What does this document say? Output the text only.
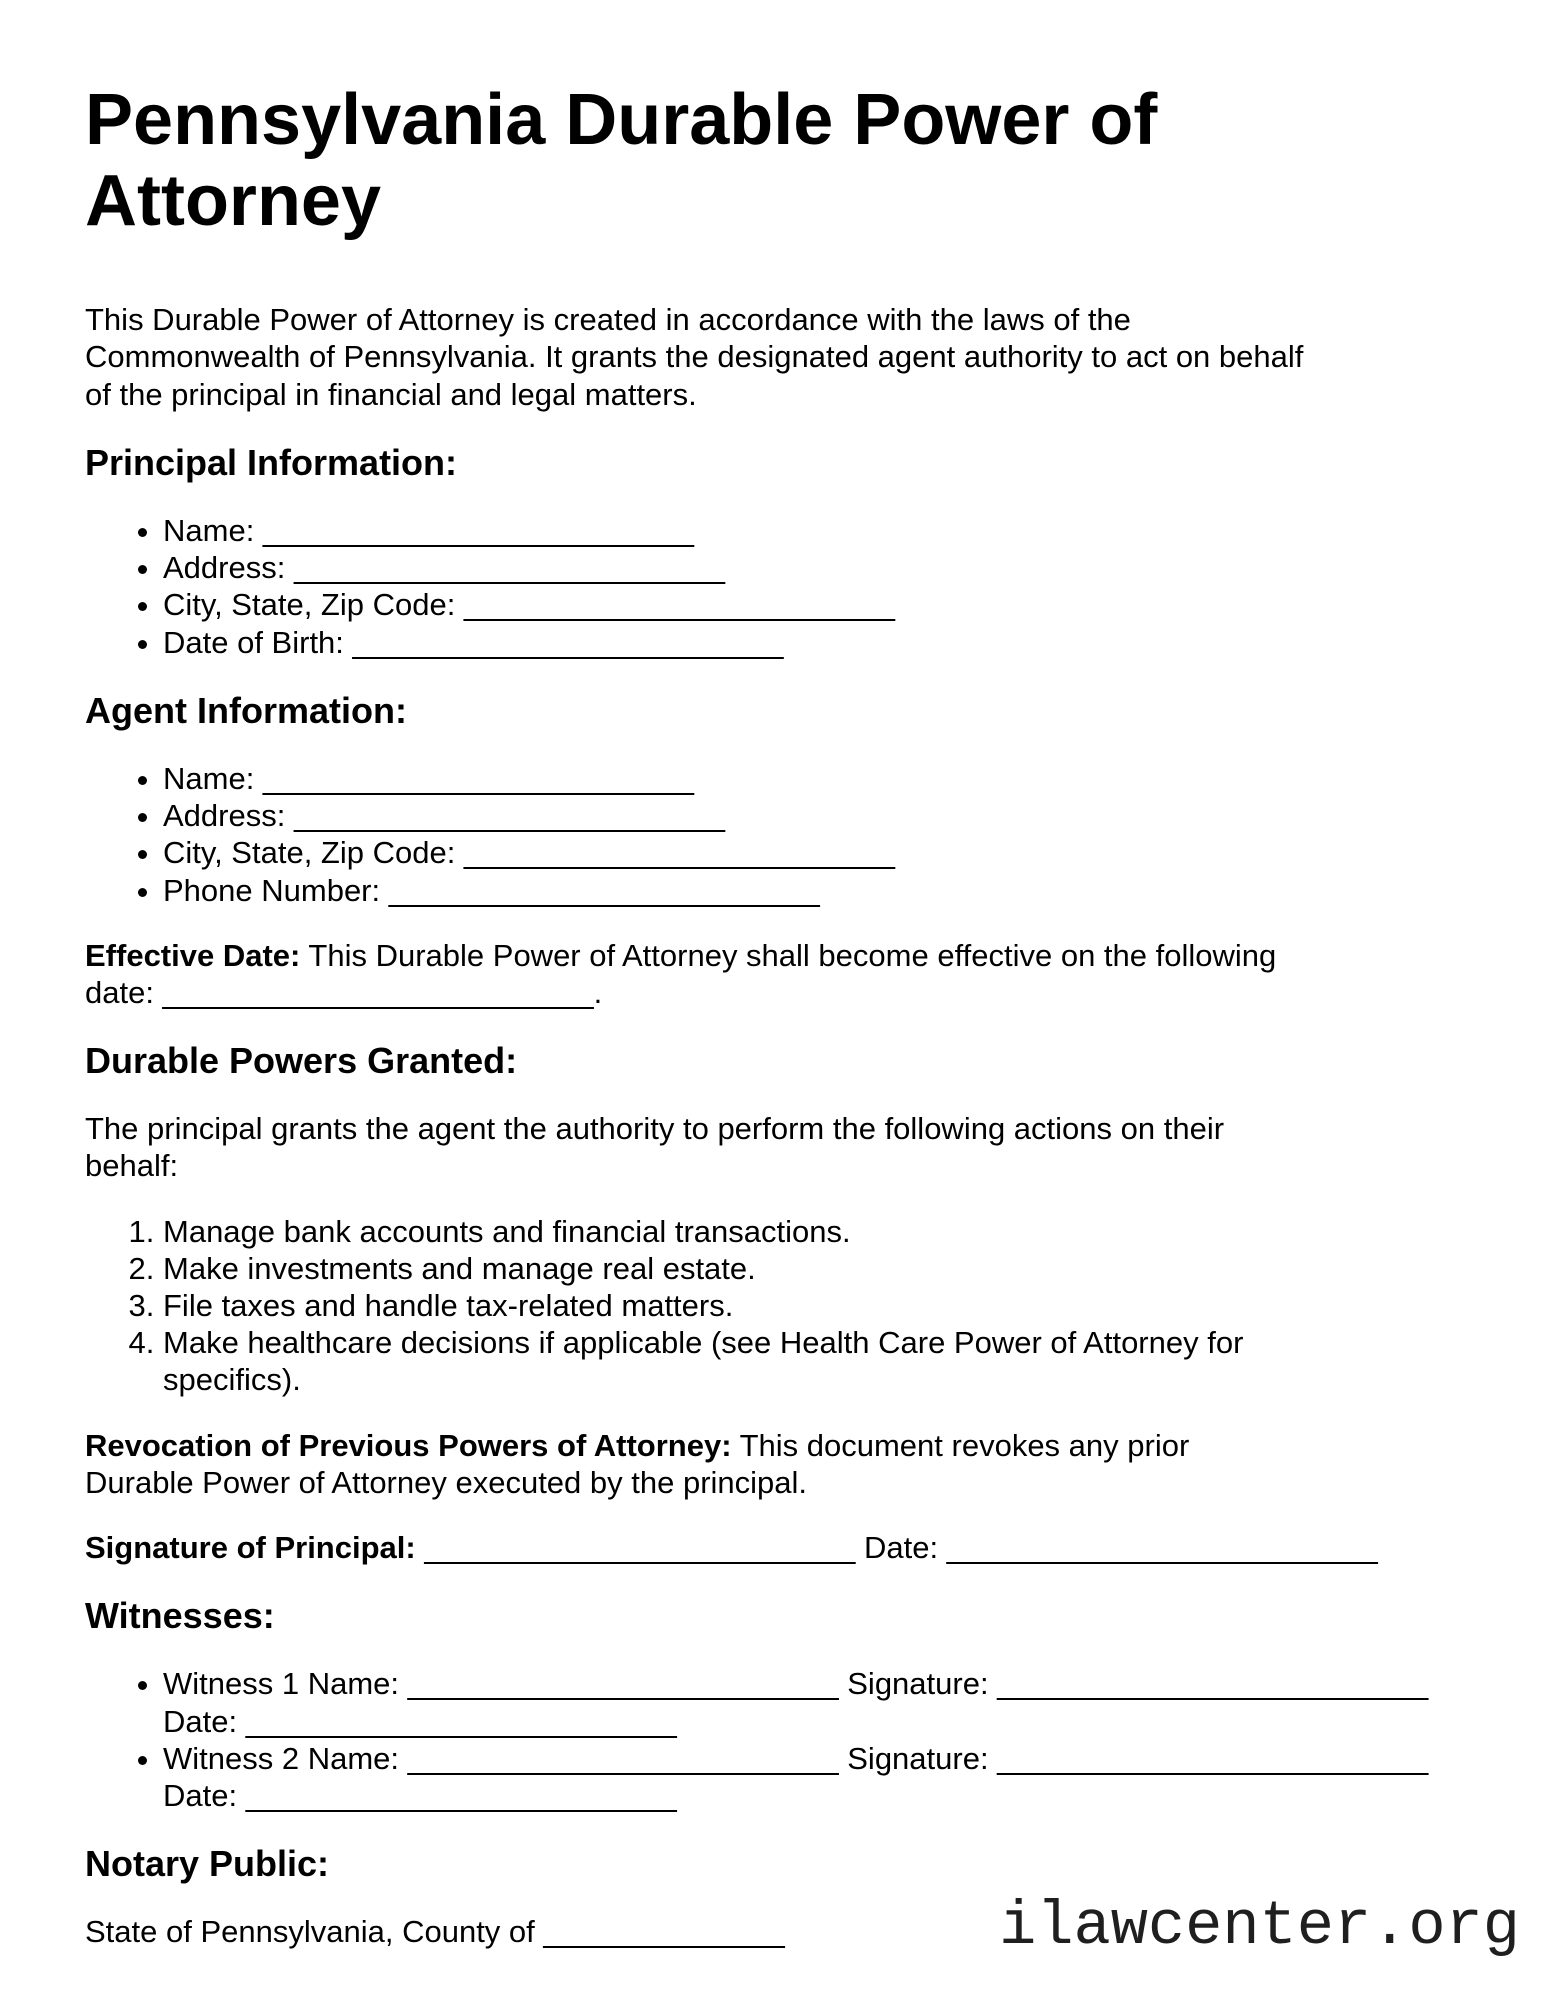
Pennsylvania Durable Power of
Attorney
This Durable Power of Attorney is created in accordance with the laws of the
Commonwealth of Pennsylvania. It grants the designated agent authority to act on behalf
of the principal in financial and legal matters.
Principal Information:
• Name: _________________________
• Address: _________________________
• City, State, Zip Code: _________________________
• Date of Birth: _________________________
Agent Information:
• Name: _________________________
• Address: _________________________
• City, State, Zip Code: _________________________
• Phone Number: _________________________
Effective Date: This Durable Power of Attorney shall become effective on the following
date: _________________________.
Durable Powers Granted:
The principal grants the agent the authority to perform the following actions on their
behalf:
1. Manage bank accounts and financial transactions.
2. Make investments and manage real estate.
3. File taxes and handle tax-related matters.
4. Make healthcare decisions if applicable (see Health Care Power of Attorney for
specifics).
Revocation of Previous Powers of Attorney: This document revokes any prior
Durable Power of Attorney executed by the principal.
Signature of Principal: _________________________ Date: _________________________
Witnesses:
• Witness 1 Name: _________________________ Signature: _________________________
Date: _________________________
• Witness 2 Name: _________________________ Signature: _________________________
Date: _________________________
Notary Public:
State of Pennsylvania, County of ______________	ilawcenter.org
